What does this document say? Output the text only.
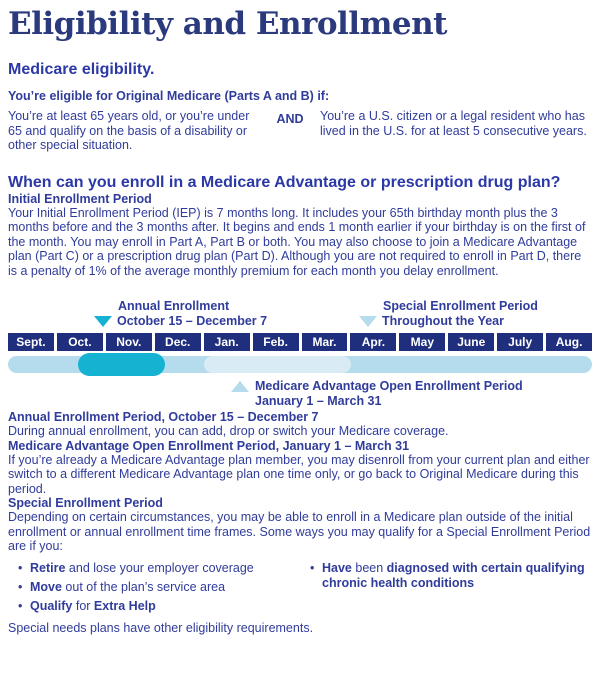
Eligibility and Enrollment
Medicare eligibility.
You’re eligible for Original Medicare (Parts A and B) if:
You’re at least 65 years old, or you’re under 65 and qualify on the basis of a disability or other special situation.
AND	You’re a U.S. citizen or a legal resident who has lived in the U.S. for at least 5 consecutive years.
When can you enroll in a Medicare Advantage or prescription drug plan?
Initial Enrollment Period

Your Initial Enrollment Period (IEP) is 7 months long. It includes your 65th birthday month plus the 3 months before and the 3 months after. It begins and ends 1 month earlier if your birthday is on the first of the month. You may enroll in Part A, Part B or both. You may also choose to join a Medicare Advantage plan (Part C) or a prescription drug plan (Part D). Although you are not required to enroll in Part D, there is a penalty of 1% of the average monthly premium for each month you delay enrollment.

Annual Enrollment
October 15 – December 7
Special Enrollment Period
Throughout the Year
Sept.	Oct.	Nov.	Dec.	Jan.	Feb.	Mar.	Apr.	May	June	July	Aug.
Medicare Advantage Open Enrollment Period
January 1 – March 31
Annual Enrollment Period, October 15 – December 7

During annual enrollment, you can add, drop or switch your Medicare coverage.

Medicare Advantage Open Enrollment Period, January 1 – March 31

If you’re already a Medicare Advantage plan member, you may disenroll from your current plan and either switch to a different Medicare Advantage plan one time only, or go back to Original Medicare during this period.

Special Enrollment Period

Depending on certain circumstances, you may be able to enroll in a Medicare plan outside of the initial enrollment or annual enrollment time frames. Some ways you may qualify for a Special Enrollment Period are if you:

• Retire and lose your employer coverage
• Move out of the plan’s service area
• Qualify for Extra Help
• Have been diagnosed with certain qualifying chronic health conditions

Special needs plans have other eligibility requirements.
